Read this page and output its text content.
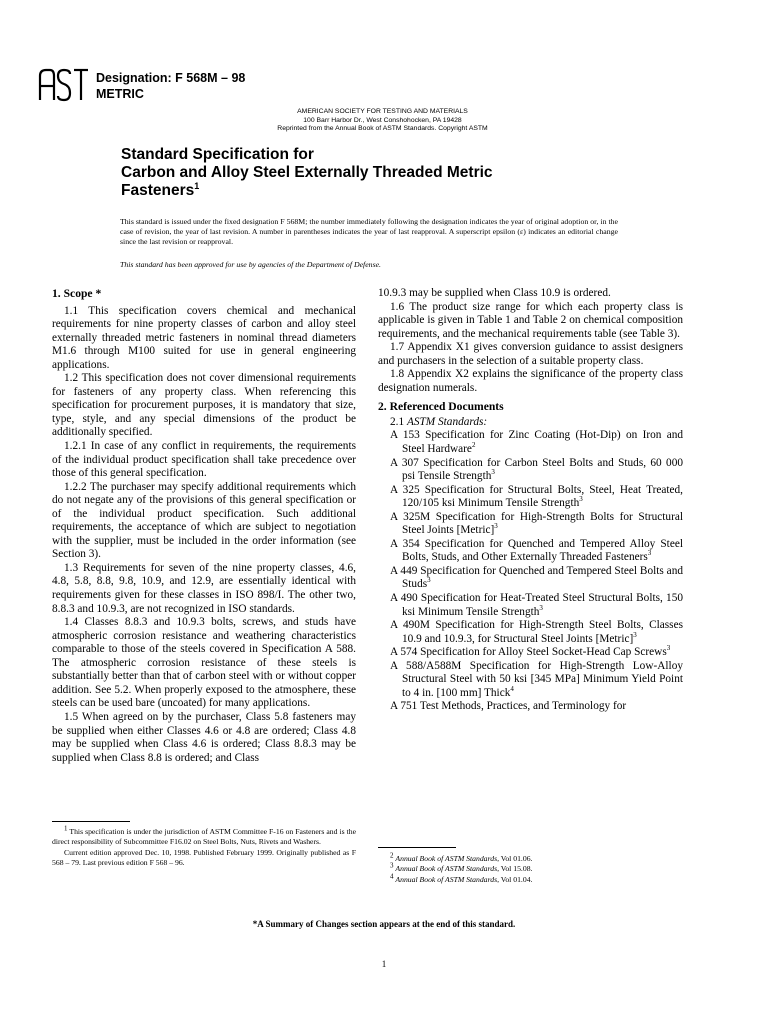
Designation: F 568M – 98
METRIC
AMERICAN SOCIETY FOR TESTING AND MATERIALS
100 Barr Harbor Dr., West Conshohocken, PA 19428
Reprinted from the Annual Book of ASTM Standards. Copyright ASTM
Standard Specification for
Carbon and Alloy Steel Externally Threaded Metric
Fasteners$^1$
This standard is issued under the fixed designation F 568M; the number immediately following the designation indicates the year of original adoption or, in the case of revision, the year of last revision. A number in parentheses indicates the year of last reapproval. A superscript epsilon (ε) indicates an editorial change since the last revision or reapproval.
This standard has been approved for use by agencies of the Department of Defense.

1. Scope *

1.1 This specification covers chemical and mechanical requirements for nine property classes of carbon and alloy steel externally threaded metric fasteners in nominal thread diameters M1.6 through M100 suited for use in general engineering applications.

1.2 This specification does not cover dimensional requirements for fasteners of any property class. When referencing this specification for procurement purposes, it is mandatory that size, type, style, and any special dimensions of the product be additionally specified.

1.2.1 In case of any conflict in requirements, the requirements of the individual product specification shall take precedence over those of this general specification.

1.2.2 The purchaser may specify additional requirements which do not negate any of the provisions of this general specification or of the individual product specification. Such additional requirements, the acceptance of which are subject to negotiation with the supplier, must be included in the order information (see Section 3).

1.3 Requirements for seven of the nine property classes, 4.6, 4.8, 5.8, 8.8, 9.8, 10.9, and 12.9, are essentially identical with requirements given for these classes in ISO 898/I. The other two, 8.8.3 and 10.9.3, are not recognized in ISO standards.

1.4 Classes 8.8.3 and 10.9.3 bolts, screws, and studs have atmospheric corrosion resistance and weathering characteristics comparable to those of the steels covered in Specification A 588. The atmospheric corrosion resistance of these steels is substantially better than that of carbon steel with or without copper addition. See 5.2. When properly exposed to the atmosphere, these steels can be used bare (uncoated) for many applications.

1.5 When agreed on by the purchaser, Class 5.8 fasteners may be supplied when either Classes 4.6 or 4.8 are ordered; Class 4.8 may be supplied when Class 4.6 is ordered; Class 8.8.3 may be supplied when Class 8.8 is ordered; and Class

10.9.3 may be supplied when Class 10.9 is ordered.

1.6 The product size range for which each property class is applicable is given in Table 1 and Table 2 on chemical composition requirements, and the mechanical requirements table (see Table 3).

1.7 Appendix X1 gives conversion guidance to assist designers and purchasers in the selection of a suitable property class.

1.8 Appendix X2 explains the significance of the property class designation numerals.

2. Referenced Documents

2.1 ASTM Standards:

A 153 Specification for Zinc Coating (Hot-Dip) on Iron and Steel Hardware$^2$

A 307 Specification for Carbon Steel Bolts and Studs, 60 000 psi Tensile Strength$^3$

A 325 Specification for Structural Bolts, Steel, Heat Treated, 120/105 ksi Minimum Tensile Strength$^3$

A 325M Specification for High-Strength Bolts for Structural Steel Joints [Metric]$^3$

A 354 Specification for Quenched and Tempered Alloy Steel Bolts, Studs, and Other Externally Threaded Fasteners$^3$

A 449 Specification for Quenched and Tempered Steel Bolts and Studs$^3$

A 490 Specification for Heat-Treated Steel Structural Bolts, 150 ksi Minimum Tensile Strength$^3$

A 490M Specification for High-Strength Steel Bolts, Classes 10.9 and 10.9.3, for Structural Steel Joints [Metric]$^3$

A 574 Specification for Alloy Steel Socket-Head Cap Screws$^3$

A 588/A588M Specification for High-Strength Low-Alloy Structural Steel with 50 ksi [345 MPa] Minimum Yield Point to 4 in. [100 mm] Thick$^4$

A 751 Test Methods, Practices, and Terminology for

$^1$ This specification is under the jurisdiction of ASTM Committee F-16 on Fasteners and is the direct responsibility of Subcommittee F16.02 on Steel Bolts, Nuts, Rivets and Washers.

Current edition approved Dec. 10, 1998. Published February 1999. Originally published as F 568 – 79. Last previous edition F 568 – 96.

$^2$ Annual Book of ASTM Standards, Vol 01.06.

$^3$ Annual Book of ASTM Standards, Vol 15.08.

$^4$ Annual Book of ASTM Standards, Vol 01.04.

*A Summary of Changes section appears at the end of this standard.
1
